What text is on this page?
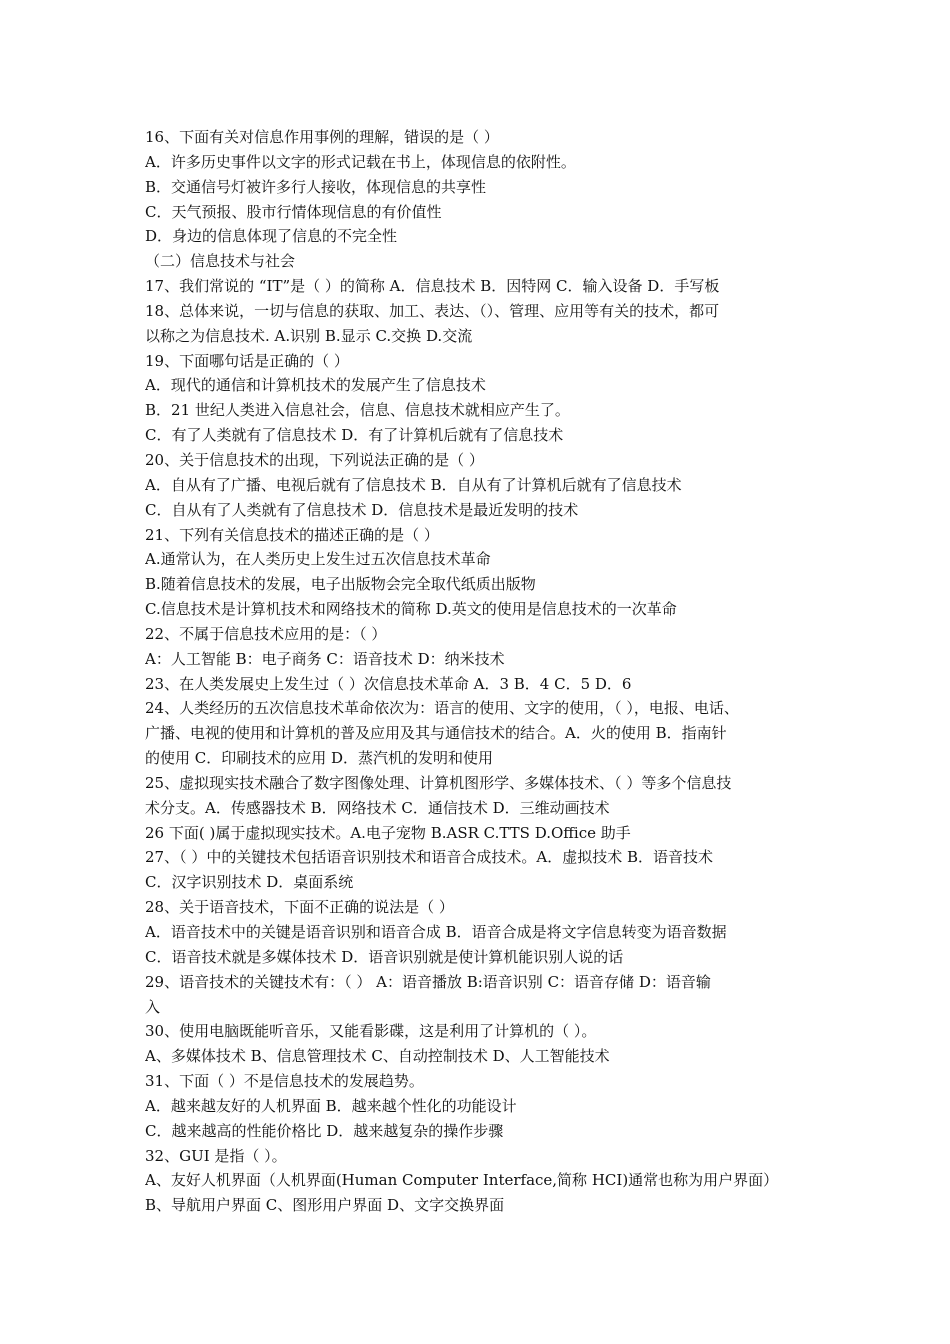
16、下面有关对信息作用事例的理解，错误的是（ ）
A．许多历史事件以文字的形式记载在书上，体现信息的依附性。
B．交通信号灯被许多行人接收，体现信息的共享性
C．天气预报、股市行情体现信息的有价值性
D．身边的信息体现了信息的不完全性
（二）信息技术与社会
17、我们常说的 “IT”是（ ）的简称 A．信息技术 B．因特网 C．输入设备 D．手写板
18、总体来说，一切与信息的获取、加工、表达、（）、管理、应用等有关的技术，都可
以称之为信息技术. A.识别 B.显示 C.交换 D.交流
19、下面哪句话是正确的（ ）
A．现代的通信和计算机技术的发展产生了信息技术
B．21 世纪人类进入信息社会，信息、信息技术就相应产生了。
C．有了人类就有了信息技术 D．有了计算机后就有了信息技术
20、关于信息技术的出现，下列说法正确的是（ ）
A．自从有了广播、电视后就有了信息技术 B．自从有了计算机后就有了信息技术
C．自从有了人类就有了信息技术 D．信息技术是最近发明的技术
21、下列有关信息技术的描述正确的是（ ）
A.通常认为，在人类历史上发生过五次信息技术革命
B.随着信息技术的发展，电子出版物会完全取代纸质出版物
C.信息技术是计算机技术和网络技术的简称 D.英文的使用是信息技术的一次革命
22、不属于信息技术应用的是：（ ）
A：人工智能 B：电子商务 C：语音技术 D：纳米技术
23、在人类发展史上发生过（ ）次信息技术革命 A．3 B．4 C．5 D．6
24、人类经历的五次信息技术革命依次为：语言的使用、文字的使用，（ ），电报、电话、
广播、电视的使用和计算机的普及应用及其与通信技术的结合。A．火的使用 B．指南针
的使用 C．印刷技术的应用 D．蒸汽机的发明和使用
25、虚拟现实技术融合了数字图像处理、计算机图形学、多媒体技术、（ ）等多个信息技
术分支。A．传感器技术 B．网络技术 C．通信技术 D．三维动画技术
26 下面( )属于虚拟现实技术。A.电子宠物 B.ASR C.TTS D.Office 助手
27、（ ）中的关键技术包括语音识别技术和语音合成技术。A．虚拟技术 B．语音技术
C．汉字识别技术 D．桌面系统
28、关于语音技术，下面不正确的说法是（ ）
A．语音技术中的关键是语音识别和语音合成 B．语音合成是将文字信息转变为语音数据
C．语音技术就是多媒体技术 D．语音识别就是使计算机能识别人说的话
29、语音技术的关键技术有：（ ） A：语音播放 B:语音识别 C：语音存储 D：语音输
入
30、使用电脑既能听音乐，又能看影碟，这是利用了计算机的（ ）。
A、多媒体技术 B、信息管理技术 C、自动控制技术 D、人工智能技术
31、下面（ ）不是信息技术的发展趋势。
A．越来越友好的人机界面 B．越来越个性化的功能设计
C．越来越高的性能价格比 D．越来越复杂的操作步骤
32、GUI 是指（ ）。
A、友好人机界面（人机界面(Human Computer Interface,简称 HCI)通常也称为用户界面）
B、导航用户界面 C、图形用户界面 D、文字交换界面
